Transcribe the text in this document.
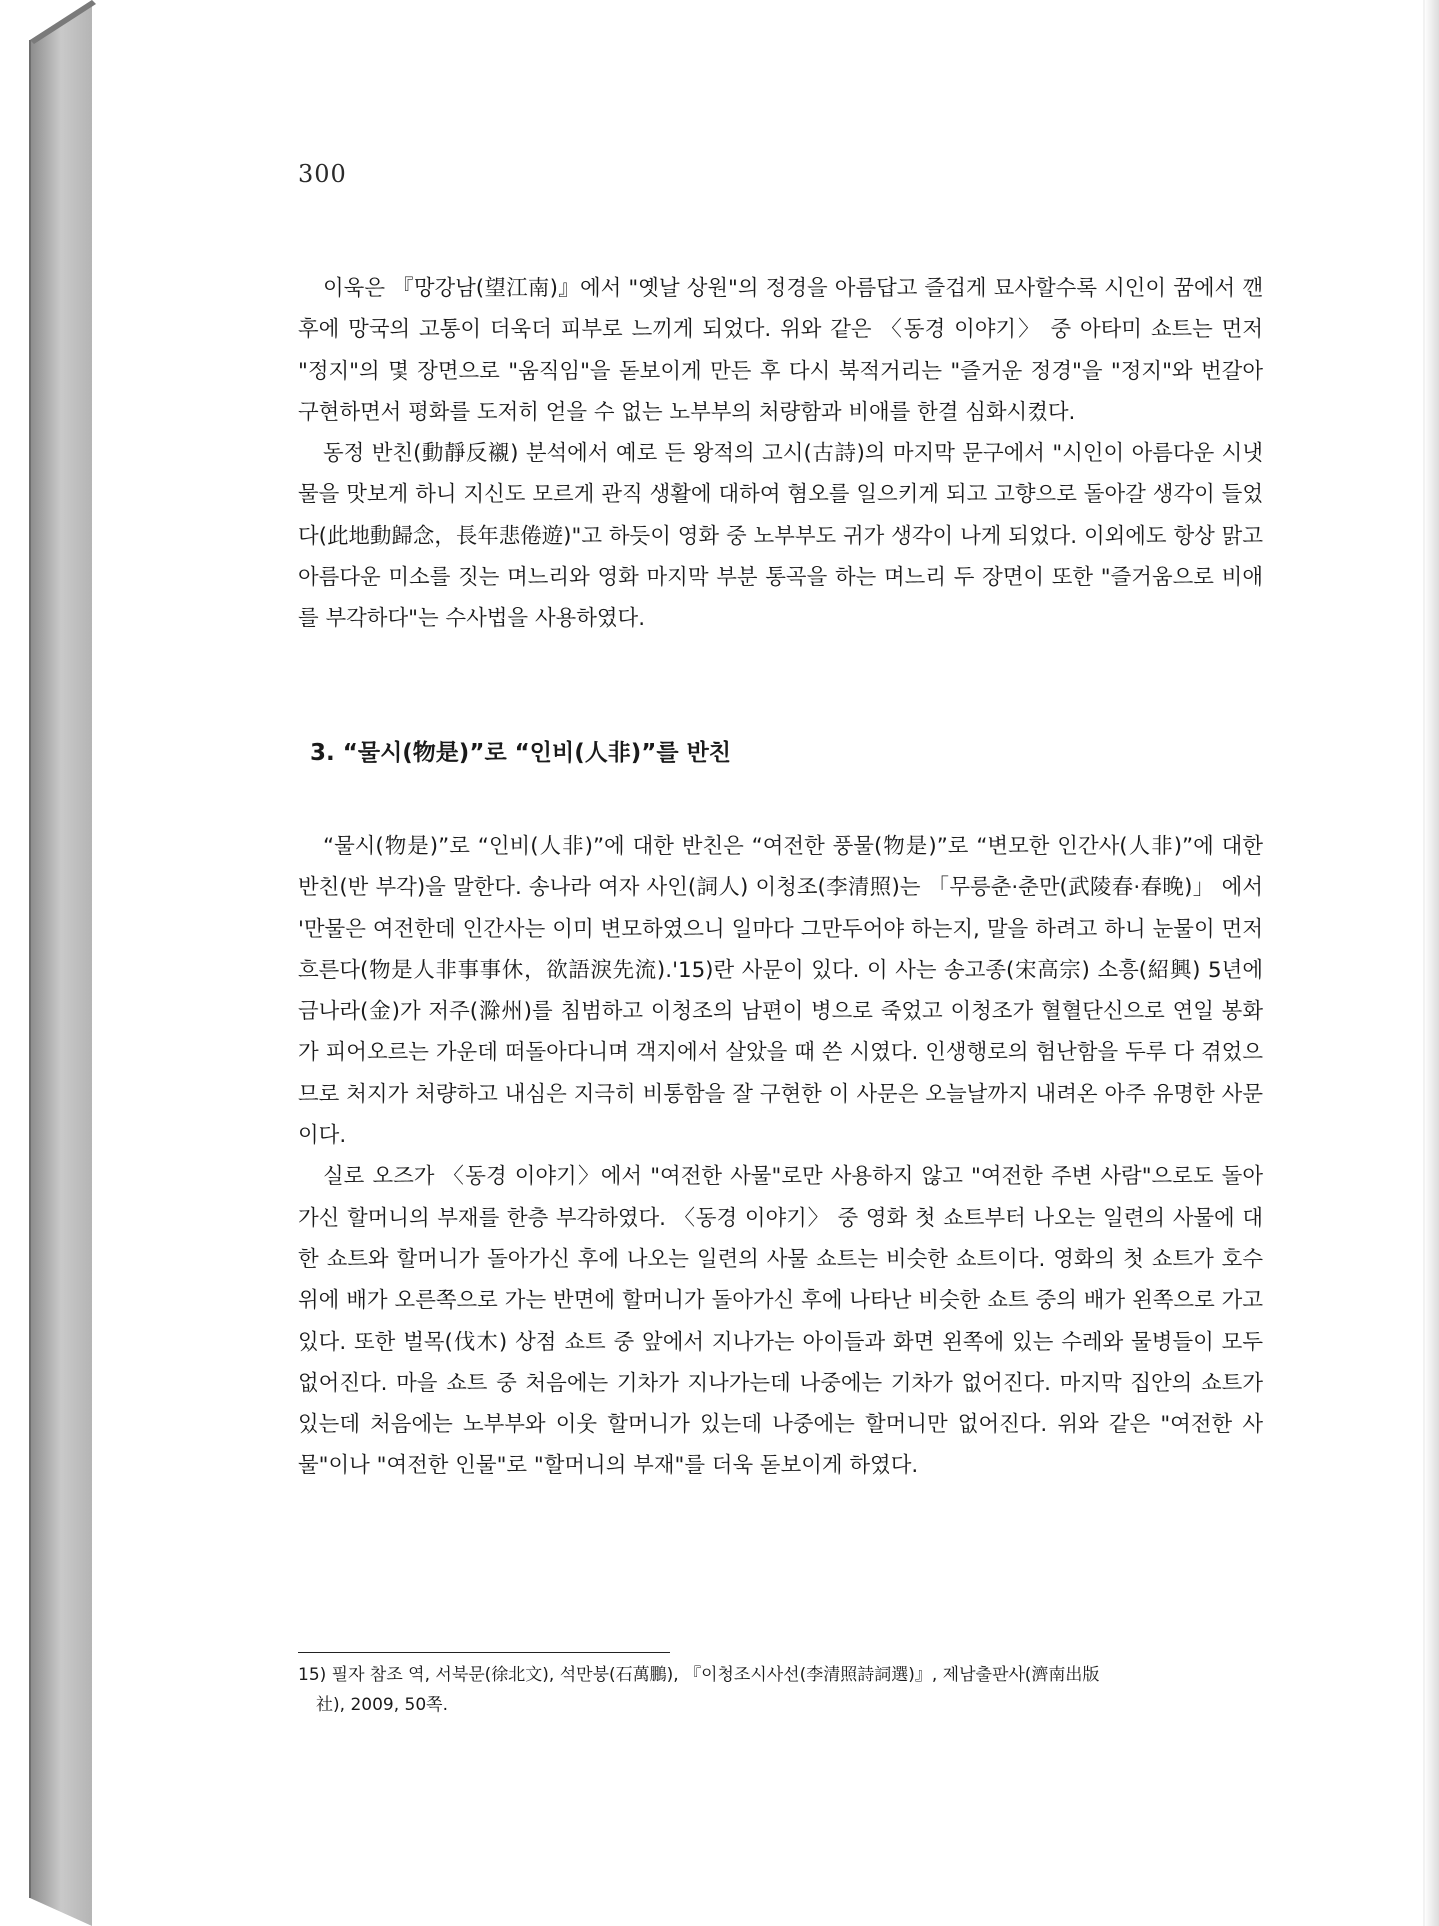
300

이욱은 『망강남(望江南)』에서 "옛날 상원"의 정경을 아름답고 즐겁게 묘사할수록 시인이 꿈에서 깬 후에 망국의 고통이 더욱더 피부로 느끼게 되었다. 위와 같은 〈동경 이야기〉 중 아타미 쇼트는 먼저 "정지"의 몇 장면으로 "움직임"을 돋보이게 만든 후 다시 북적거리는 "즐거운 정경"을 "정지"와 번갈아 구현하면서 평화를 도저히 얻을 수 없는 노부부의 처량함과 비애를 한결 심화시켰다.

동정 반친(動靜反襯) 분석에서 예로 든 왕적의 고시(古詩)의 마지막 문구에서 "시인이 아름다운 시냇물을 맛보게 하니 지신도 모르게 관직 생활에 대하여 혐오를 일으키게 되고 고향으로 돌아갈 생각이 들었다(此地動歸念，長年悲倦遊)"고 하듯이 영화 중 노부부도 귀가 생각이 나게 되었다. 이외에도 항상 맑고 아름다운 미소를 짓는 며느리와 영화 마지막 부분 통곡을 하는 며느리 두 장면이 또한 "즐거움으로 비애를 부각하다"는 수사법을 사용하였다.

3. “물시(物是)”로 “인비(人非)”를 반친

“물시(物是)”로 “인비(人非)”에 대한 반친은 “여전한 풍물(物是)”로 “변모한 인간사(人非)”에 대한 반친(반 부각)을 말한다. 송나라 여자 사인(詞人) 이청조(李清照)는 「무릉춘·춘만(武陵春·春晚)」 에서 '만물은 여전한데 인간사는 이미 변모하였으니 일마다 그만두어야 하는지, 말을 하려고 하니 눈물이 먼저 흐른다(物是人非事事休，欲語淚先流).'15)란 사문이 있다. 이 사는 송고종(宋高宗) 소흥(紹興) 5년에 금나라(金)가 저주(滁州)를 침범하고 이청조의 남편이 병으로 죽었고 이청조가 혈혈단신으로 연일 봉화가 피어오르는 가운데 떠돌아다니며 객지에서 살았을 때 쓴 시였다. 인생행로의 험난함을 두루 다 겪었으므로 처지가 처량하고 내심은 지극히 비통함을 잘 구현한 이 사문은 오늘날까지 내려온 아주 유명한 사문이다.

실로 오즈가 〈동경 이야기〉에서 "여전한 사물"로만 사용하지 않고 "여전한 주변 사람"으로도 돌아가신 할머니의 부재를 한층 부각하였다. 〈동경 이야기〉 중 영화 첫 쇼트부터 나오는 일련의 사물에 대한 쇼트와 할머니가 돌아가신 후에 나오는 일련의 사물 쇼트는 비슷한 쇼트이다. 영화의 첫 쇼트가 호수 위에 배가 오른쪽으로 가는 반면에 할머니가 돌아가신 후에 나타난 비슷한 쇼트 중의 배가 왼쪽으로 가고 있다. 또한 벌목(伐木) 상점 쇼트 중 앞에서 지나가는 아이들과 화면 왼쪽에 있는 수레와 물병들이 모두 없어진다. 마을 쇼트 중 처음에는 기차가 지나가는데 나중에는 기차가 없어진다. 마지막 집안의 쇼트가 있는데 처음에는 노부부와 이웃 할머니가 있는데 나중에는 할머니만 없어진다. 위와 같은 "여전한 사물"이나 "여전한 인물"로 "할머니의 부재"를 더욱 돋보이게 하였다.

15) 필자 참조 역, 서북문(徐北文), 석만붕(石萬鵬), 『이청조시사선(李清照詩詞選)』, 제남출판사(濟南出版
社), 2009, 50쪽.
